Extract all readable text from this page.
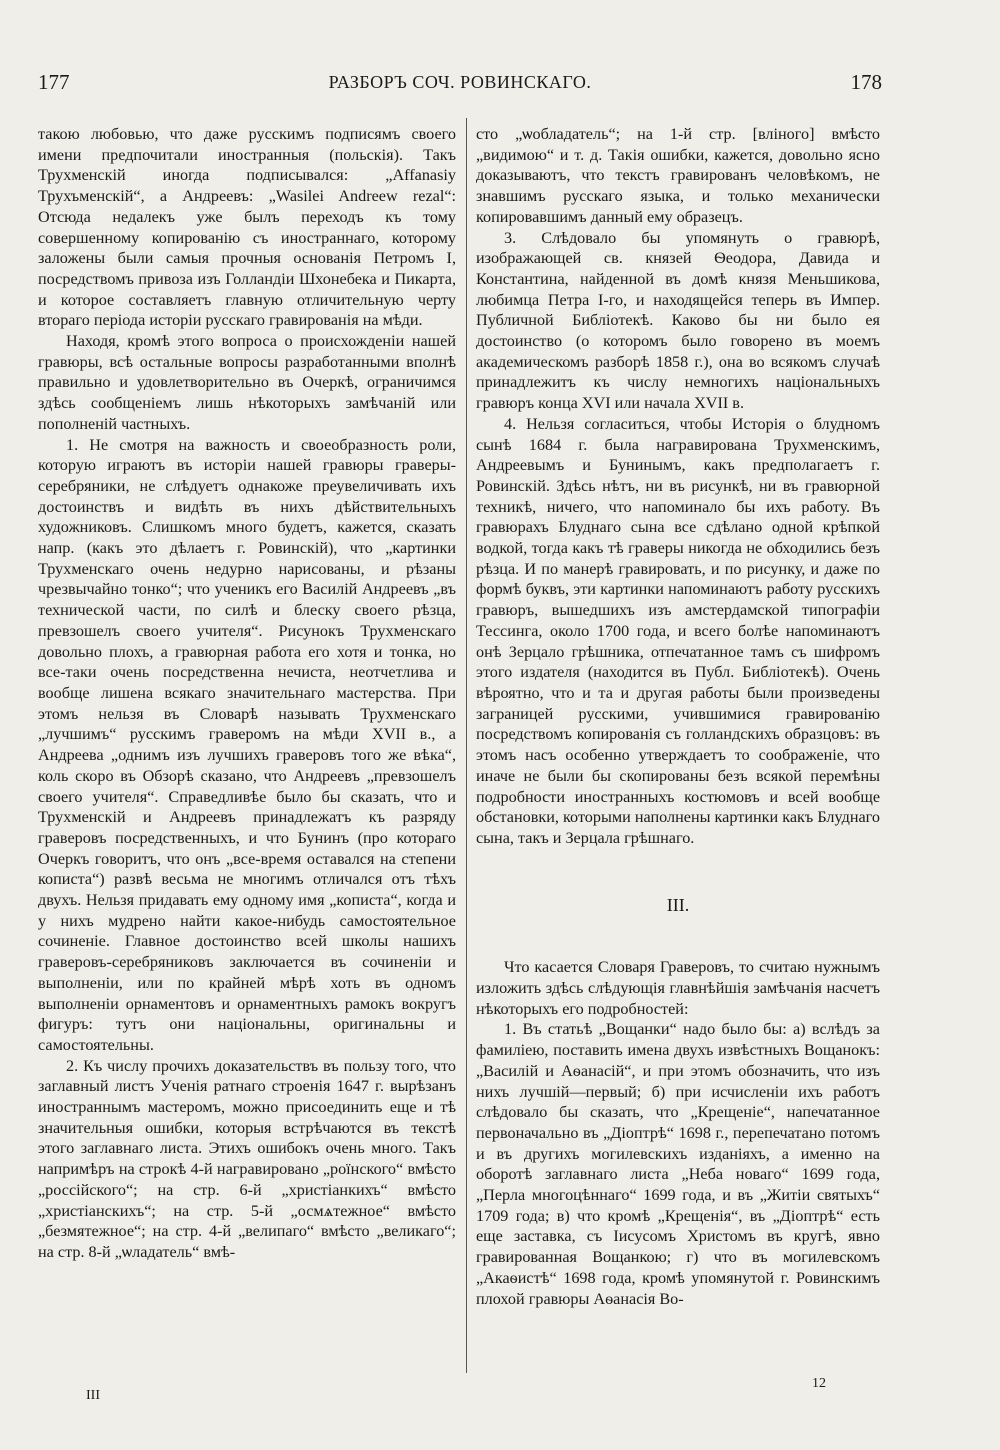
177	РАЗБОРЪ СОЧ. РОВИНСКАГО.	178

такою любовью, что даже русскимъ подписямъ своего имени предпочитали иностранныя (польскія). Такъ Трухменскій иногда подписывался: „Affanasiy Трухъменскій“, а Андреевъ: „Wasilei Andreew rezal“: Отсюда недалекъ уже былъ переходъ къ тому совершенному копированію съ иностраннаго, которому заложены были самыя прочныя основанія Петромъ I, посредствомъ привоза изъ Голландіи Шхонебека и Пикарта, и которое составляетъ главную отличительную черту втораго періода исторіи русскаго гравированія на мѣди.

Находя, кромѣ этого вопроса о происхожденіи нашей гравюры, всѣ остальные вопросы разработанными вполнѣ правильно и удовлетворительно въ Очеркѣ, ограничимся здѣсь сообщеніемъ лишь нѣкоторыхъ замѣчаній или пополненій частныхъ.

1. Не смотря на важность и своеобразность роли, которую играютъ въ исторіи нашей гравюры граверы-серебряники, не слѣдуетъ однакоже преувеличивать ихъ достоинствъ и видѣть въ нихъ дѣйствительныхъ художниковъ. Слишкомъ много будетъ, кажется, сказать напр. (какъ это дѣлаетъ г. Ровинскій), что „картинки Трухменскаго очень недурно нарисованы, и рѣзаны чрезвычайно тонко“; что ученикъ его Василій Андреевъ „въ технической части, по силѣ и блеску своего рѣзца, превзошелъ своего учителя“. Рисунокъ Трухменскаго довольно плохъ, а гравюрная работа его хотя и тонка, но все-таки очень посредственна нечиста, неотчетлива и вообще лишена всякаго значительнаго мастерства. При этомъ нельзя въ Словарѣ называть Трухменскаго „лучшимъ“ русскимъ граверомъ на мѣди XVII в., а Андреева „однимъ изъ лучшихъ граверовъ того же вѣка“, коль скоро въ Обзорѣ сказано, что Андреевъ „превзошелъ своего учителя“. Справедливѣе было бы сказать, что и Трухменскій и Андреевъ принадлежатъ къ разряду граверовъ посредственныхъ, и что Бунинъ (про котораго Очеркъ говоритъ, что онъ „все-время оставался на степени кописта“) развѣ весьма не многимъ отличался отъ тѣхъ двухъ. Нельзя придавать ему одному имя „кописта“, когда и у нихъ мудрено найти какое-нибудь самостоятельное сочиненіе. Главное достоинство всей школы нашихъ граверовъ-серебряниковъ заключается въ сочиненіи и выполненіи, или по крайней мѣрѣ хоть въ одномъ выполненіи орнаментовъ и орнаментныхъ рамокъ вокругъ фигуръ: тутъ они національны, оригинальны и самостоятельны.

2. Къ числу прочихъ доказательствъ въ пользу того, что заглавный листъ Ученія ратнаго строенія 1647 г. вырѣзанъ иностраннымъ мастеромъ, можно присоединить еще и тѣ значительныя ошибки, которыя встрѣчаются въ текстѣ этого заглавнаго листа. Этихъ ошибокъ очень много. Такъ напримѣръ на строкѣ 4-й награвировано „роïнского“ вмѣсто „россійского“; на стр. 6-й „христіанкихъ“ вмѣсто „христіанскихъ“; на стр. 5-й „осмѧтежное“ вмѣсто „безмятежное“; на стр. 4-й „велипаго“ вмѣсто „великаго“; на стр. 8-й „ѡладатель“ вмѣ-

сто „ѡобладатель“; на 1-й стр. [вліного] вмѣсто „видимою“ и т. д. Такія ошибки, кажется, довольно ясно доказываютъ, что текстъ гравированъ человѣкомъ, не знавшимъ русскаго языка, и только механически копировавшимъ данный ему образецъ.

3. Слѣдовало бы упомянуть о гравюрѣ, изображающей св. князей Ѳеодора, Давида и Константина, найденной въ домѣ князя Меньшикова, любимца Петра I-го, и находящейся теперь въ Импер. Публичной Библіотекѣ. Каково бы ни было ея достоинство (о которомъ было говорено въ моемъ академическомъ разборѣ 1858 г.), она во всякомъ случаѣ принадлежитъ къ числу немногихъ національныхъ гравюръ конца XVI или начала XVII в.

4. Нельзя согласиться, чтобы Исторія о блудномъ сынѣ 1684 г. была награвирована Трухменскимъ, Андреевымъ и Бунинымъ, какъ предполагаетъ г. Ровинскій. Здѣсь нѣтъ, ни въ рисункѣ, ни въ гравюрной техникѣ, ничего, что напоминало бы ихъ работу. Въ гравюрахъ Блуднаго сына все сдѣлано одной крѣпкой водкой, тогда какъ тѣ граверы никогда не обходились безъ рѣзца. И по манерѣ гравировать, и по рисунку, и даже по формѣ буквъ, эти картинки напоминаютъ работу русскихъ гравюръ, вышедшихъ изъ амстердамской типографіи Тессинга, около 1700 года, и всего болѣе напоминаютъ онѣ Зерцало грѣшника, отпечатанное тамъ съ шифромъ этого издателя (находится въ Публ. Библіотекѣ). Очень вѣроятно, что и та и другая работы были произведены заграницей русскими, учившимися гравированію посредствомъ копированія съ голландскихъ образцовъ: въ этомъ насъ особенно утверждаетъ то соображеніе, что иначе не были бы скопированы безъ всякой перемѣны подробности иностранныхъ костюмовъ и всей вообще обстановки, которыми наполнены картинки какъ Блуднаго сына, такъ и Зерцала грѣшнаго.

III.

Что касается Словаря Граверовъ, то считаю нужнымъ изложить здѣсь слѣдующія главнѣйшія замѣчанія насчетъ нѣкоторыхъ его подробностей:

1. Въ статьѣ „Вощанки“ надо было бы: а) вслѣдъ за фамиліею, поставить имена двухъ извѣстныхъ Вощанокъ: „Василій и Аѳанасій“, и при этомъ обозначить, что изъ нихъ лучшій—первый; б) при исчисленіи ихъ работъ слѣдовало бы сказать, что „Крещеніе“, напечатанное первоначально въ „Діоптрѣ“ 1698 г., перепечатано потомъ и въ другихъ могилевскихъ изданіяхъ, а именно на оборотѣ заглавнаго листа „Неба новаго“ 1699 года, „Перла многоцѣннаго“ 1699 года, и въ „Житіи святыхъ“ 1709 года; в) что кромѣ „Крещенія“, въ „Діоптрѣ“ есть еще заставка, съ Іисусомъ Христомъ въ кругѣ, явно гравированная Вощанкою; г) что въ могилевскомъ „Акаѳистѣ“ 1698 года, кромѣ упомянутой г. Ровинскимъ плохой гравюры Аѳанасія Во-

III
12
